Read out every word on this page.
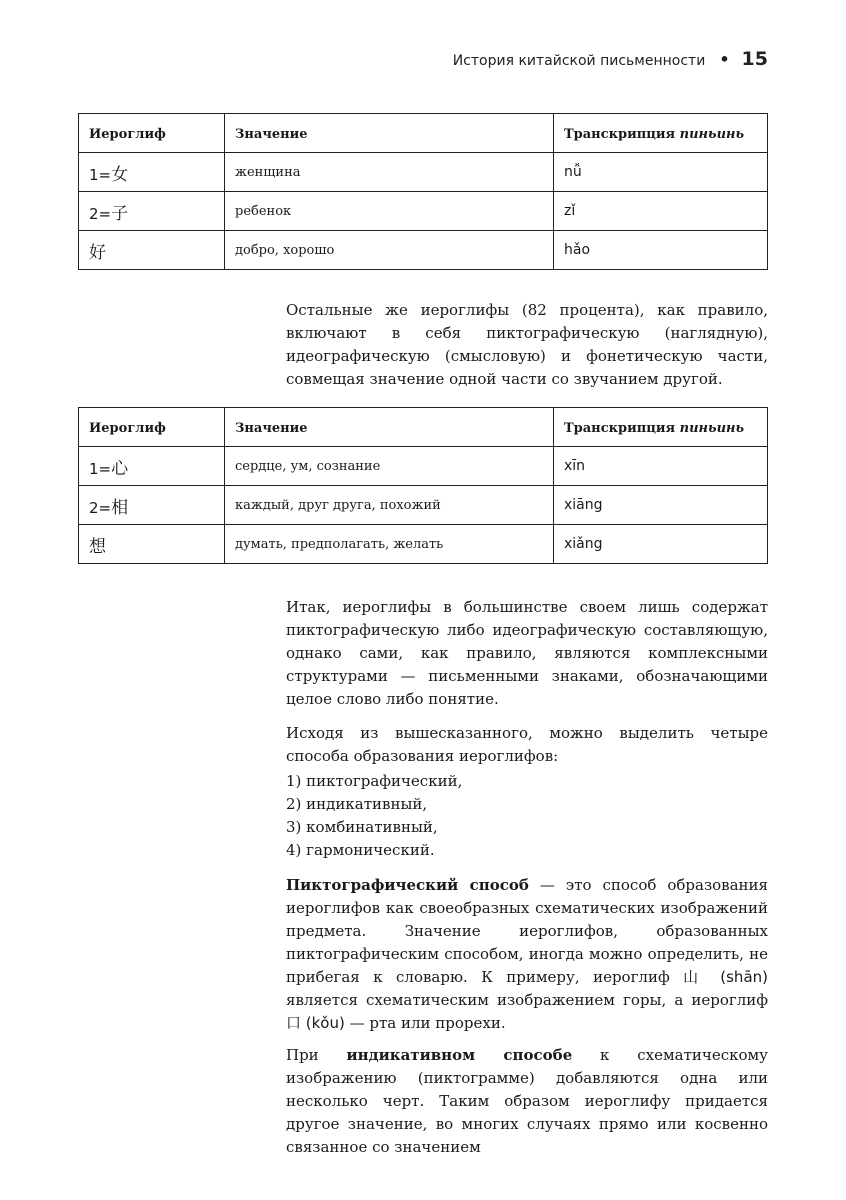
История китайской письменности • 15
Иероглиф	Значение	Транскрипция пиньинь
1=女	женщина	nǚ
2=子	ребенок	zǐ
好	добро, хорошо	hǎo

Остальные же иероглифы (82 процента), как правило, включают в себя пиктографическую (наглядную), идеографическую (смысловую) и фонетическую части, совмещая значение одной части со звучанием другой.

Иероглиф	Значение	Транскрипция пиньинь
1=心	сердце, ум, сознание	xīn
2=相	каждый, друг друга, похожий	xiāng
想	думать, предполагать, желать	xiǎng

Итак, иероглифы в большинстве своем лишь содержат пиктографическую либо идеографическую составляющую, однако сами, как правило, являются комплексными структурами — письменными знаками, обозначающими целое слово либо понятие.

Исходя из вышесказанного, можно выделить четыре способа образования иероглифов:

1) пиктографический,
2) индикативный,
3) комбинативный,
4) гармонический.

Пиктографический способ — это способ образования иероглифов как своеобразных схематических изображений предмета. Значение иероглифов, образованных пиктографическим способом, иногда можно определить, не прибегая к словарю. К примеру, иероглиф 山 (shān) является схематическим изображением горы, а иероглиф 口 (kǒu) — рта или прорехи.

При индикативном способе к схематическому изображению (пиктограмме) добавляются одна или несколько черт. Таким образом иероглифу придается другое значение, во многих случаях прямо или косвенно связанное со значением
